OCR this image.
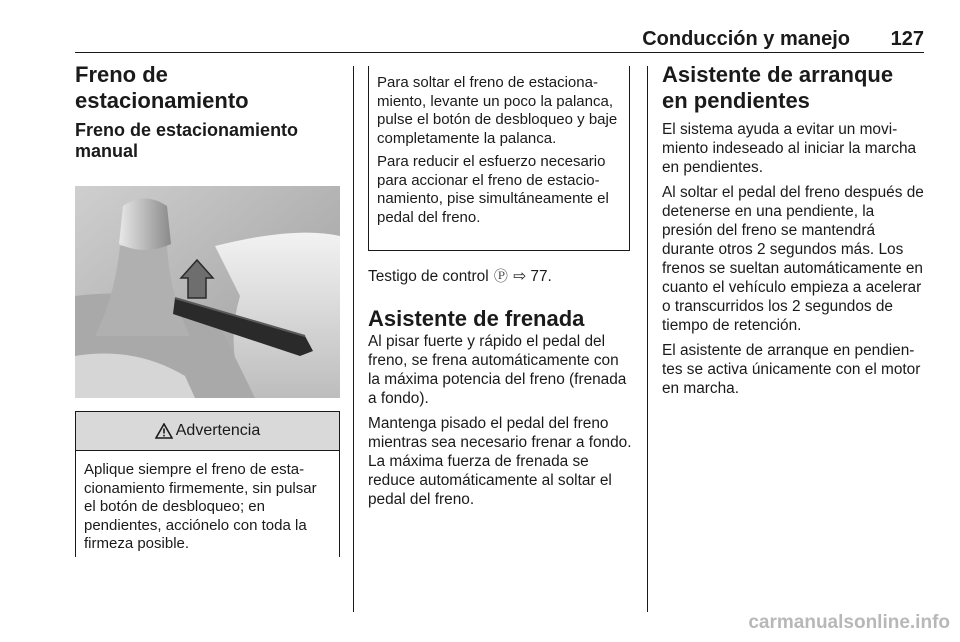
Conducción y manejo	127
Freno de estacionamiento
Freno de estacionamiento manual
Advertencia

Aplique siempre el freno de estacionamiento firmemente, sin pulsar el botón de desbloqueo; en pendientes, acciónelo con toda la firmeza posible.

Para soltar el freno de estacionamiento, levante un poco la palanca, pulse el botón de desbloqueo y baje completamente la palanca.

Para reducir el esfuerzo necesario para accionar el freno de estacionamiento, pise simultáneamente el pedal del freno.

Testigo de control Ⓟ ⇨ 77.

Asistente de frenada

Al pisar fuerte y rápido el pedal del freno, se frena automáticamente con la máxima potencia del freno (frenada a fondo).

Mantenga pisado el pedal del freno mientras sea necesario frenar a fondo. La máxima fuerza de frenada se reduce automáticamente al soltar el pedal del freno.

Asistente de arranque en pendientes

El sistema ayuda a evitar un movimiento indeseado al iniciar la marcha en pendientes.

Al soltar el pedal del freno después de detenerse en una pendiente, la presión del freno se mantendrá durante otros 2 segundos más. Los frenos se sueltan automáticamente en cuanto el vehículo empieza a acelerar o transcurridos los 2 segundos de tiempo de retención.

El asistente de arranque en pendientes se activa únicamente con el motor en marcha.

carmanualsonline.info
